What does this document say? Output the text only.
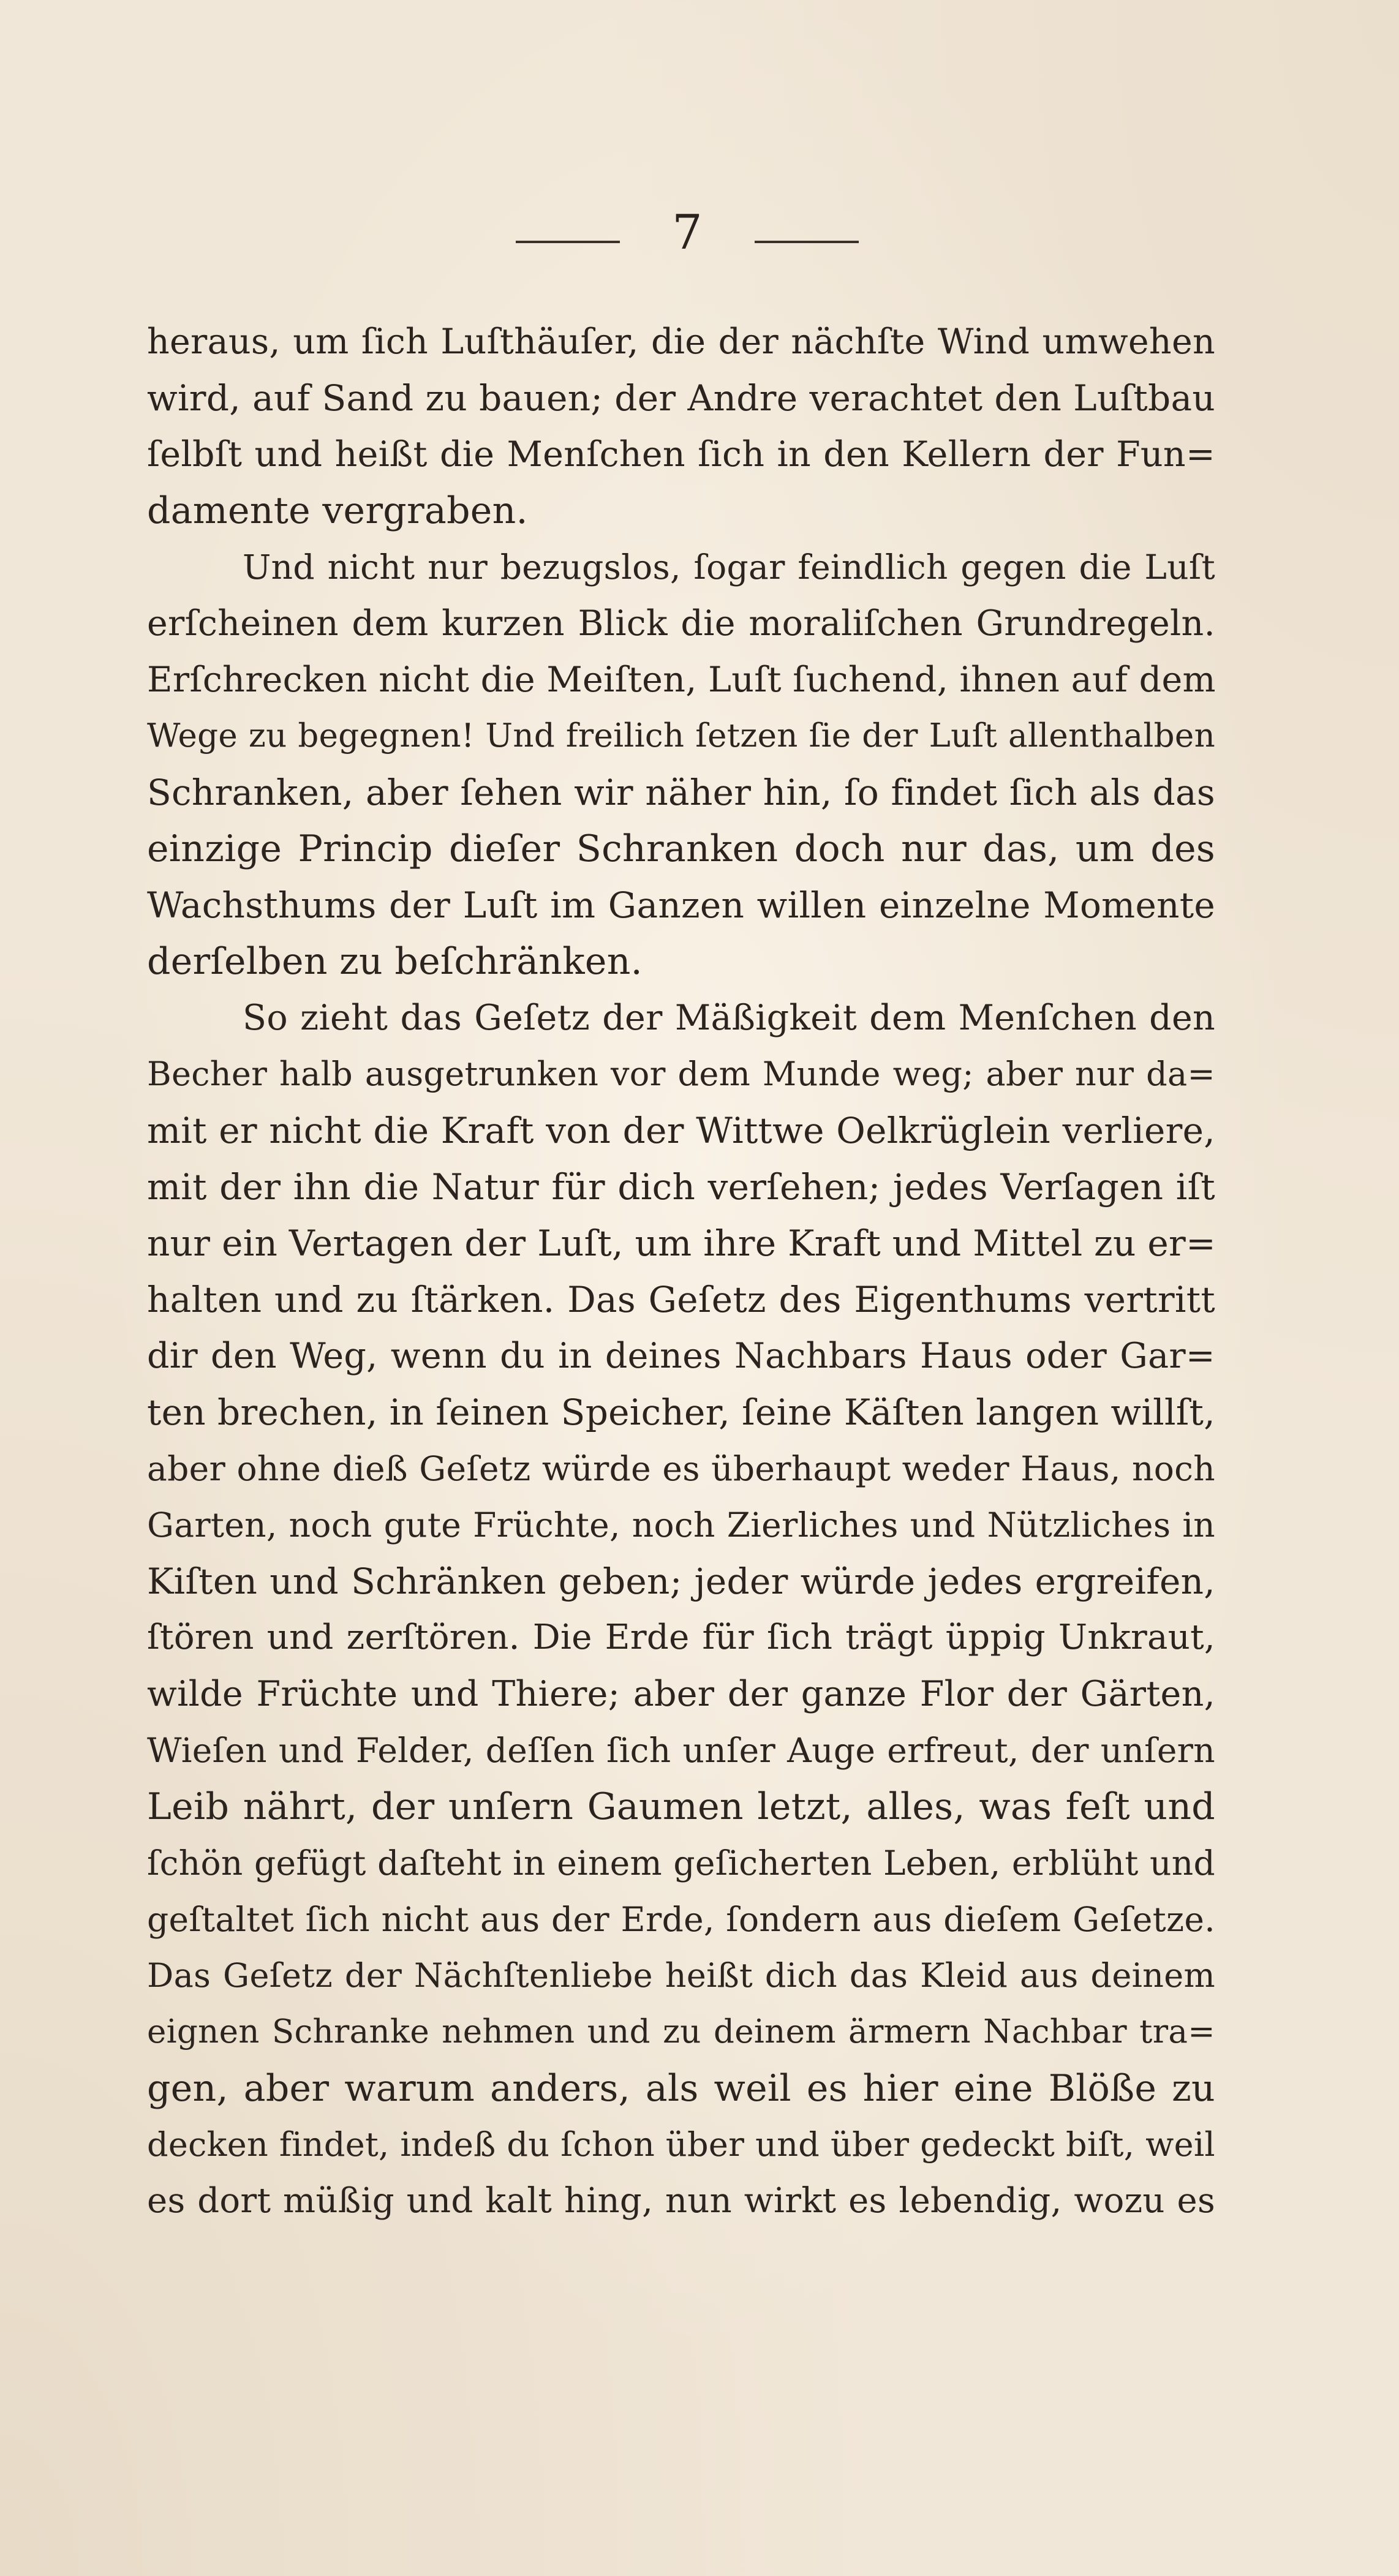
7
heraus, um ſich Luſthäuſer, die der nächſte Wind umwehen
wird, auf Sand zu bauen; der Andre verachtet den Luſtbau
ſelbſt und heißt die Menſchen ſich in den Kellern der Fun=
damente vergraben.
Und nicht nur bezugslos, ſogar feindlich gegen die Luſt
erſcheinen dem kurzen Blick die moraliſchen Grundregeln.
Erſchrecken nicht die Meiſten, Luſt ſuchend, ihnen auf dem
Wege zu begegnen! Und freilich ſetzen ſie der Luſt allenthalben
Schranken, aber ſehen wir näher hin, ſo findet ſich als das
einzige Princip dieſer Schranken doch nur das, um des
Wachsthums der Luſt im Ganzen willen einzelne Momente
derſelben zu beſchränken.
So zieht das Geſetz der Mäßigkeit dem Menſchen den
Becher halb ausgetrunken vor dem Munde weg; aber nur da=
mit er nicht die Kraft von der Wittwe Oelkrüglein verliere,
mit der ihn die Natur für dich verſehen; jedes Verſagen iſt
nur ein Vertagen der Luſt, um ihre Kraft und Mittel zu er=
halten und zu ſtärken. Das Geſetz des Eigenthums vertritt
dir den Weg, wenn du in deines Nachbars Haus oder Gar=
ten brechen, in ſeinen Speicher, ſeine Käſten langen willſt,
aber ohne dieß Geſetz würde es überhaupt weder Haus, noch
Garten, noch gute Früchte, noch Zierliches und Nützliches in
Kiſten und Schränken geben; jeder würde jedes ergreifen,
ſtören und zerſtören. Die Erde für ſich trägt üppig Unkraut,
wilde Früchte und Thiere; aber der ganze Flor der Gärten,
Wieſen und Felder, deſſen ſich unſer Auge erfreut, der unſern
Leib nährt, der unſern Gaumen letzt, alles, was feſt und
ſchön gefügt daſteht in einem geſicherten Leben, erblüht und
geſtaltet ſich nicht aus der Erde, ſondern aus dieſem Geſetze.
Das Geſetz der Nächſtenliebe heißt dich das Kleid aus deinem
eignen Schranke nehmen und zu deinem ärmern Nachbar tra=
gen, aber warum anders, als weil es hier eine Blöße zu
decken findet, indeß du ſchon über und über gedeckt biſt, weil
es dort müßig und kalt hing, nun wirkt es lebendig, wozu es
